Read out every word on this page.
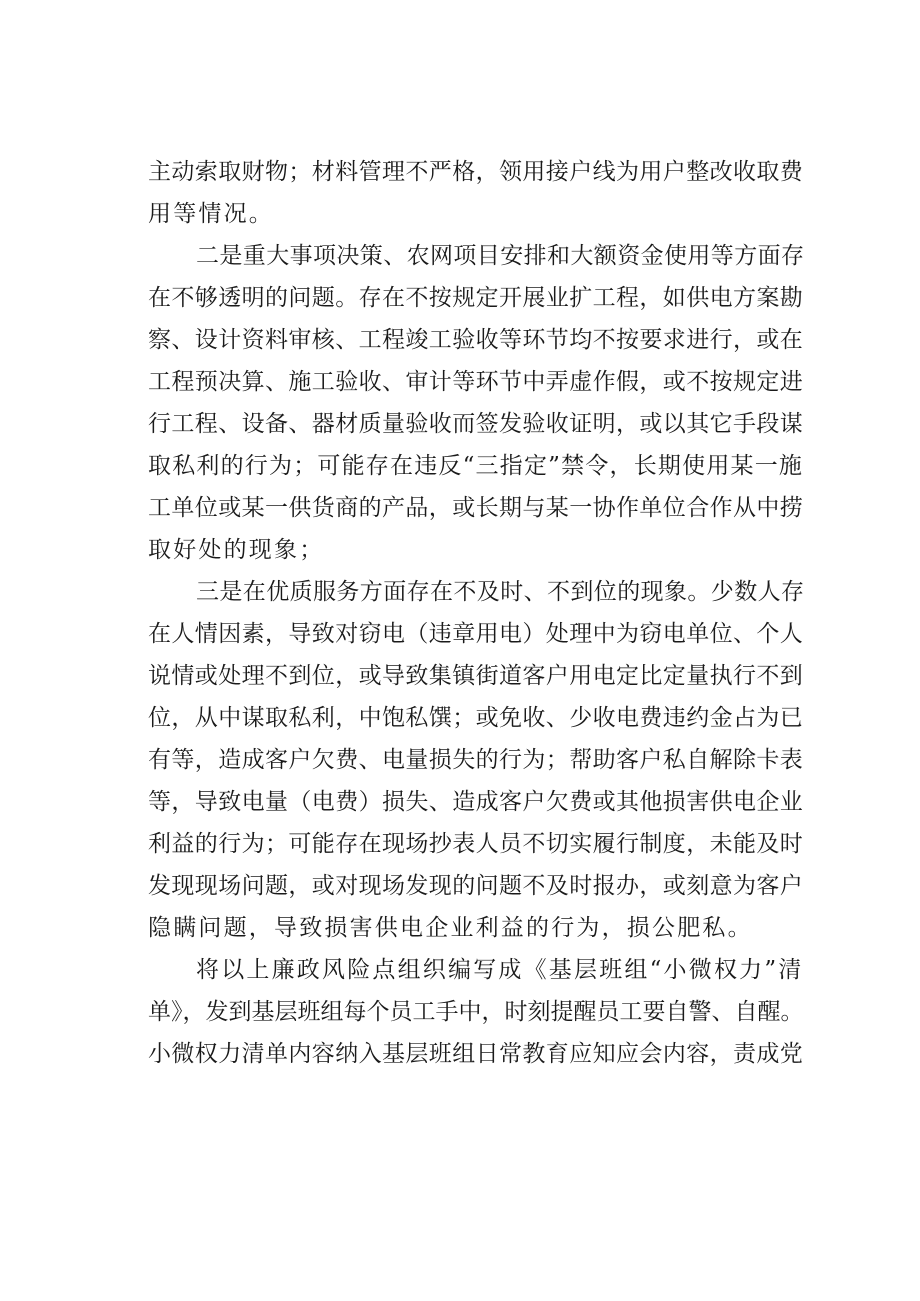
主动索取财物；材料管理不严格，领用接户线为用户整改收取费
用等情况。
二是重大事项决策、农网项目安排和大额资金使用等方面存
在不够透明的问题。存在不按规定开展业扩工程，如供电方案勘
察、设计资料审核、工程竣工验收等环节均不按要求进行，或在
工程预决算、施工验收、审计等环节中弄虚作假，或不按规定进
行工程、设备、器材质量验收而签发验收证明，或以其它手段谋
取私利的行为；可能存在违反“三指定”禁令，长期使用某一施
工单位或某一供货商的产品，或长期与某一协作单位合作从中捞
取好处的现象；
三是在优质服务方面存在不及时、不到位的现象。少数人存
在人情因素，导致对窃电（违章用电）处理中为窃电单位、个人
说情或处理不到位，或导致集镇街道客户用电定比定量执行不到
位，从中谋取私利，中饱私馔；或免收、少收电费违约金占为已
有等，造成客户欠费、电量损失的行为；帮助客户私自解除卡表
等，导致电量（电费）损失、造成客户欠费或其他损害供电企业
利益的行为；可能存在现场抄表人员不切实履行制度，未能及时
发现现场问题，或对现场发现的问题不及时报办，或刻意为客户
隐瞒问题，导致损害供电企业利益的行为，损公肥私。
将以上廉政风险点组织编写成《基层班组“小微权力”清
单》，发到基层班组每个员工手中，时刻提醒员工要自警、自醒。
小微权力清单内容纳入基层班组日常教育应知应会内容，责成党
